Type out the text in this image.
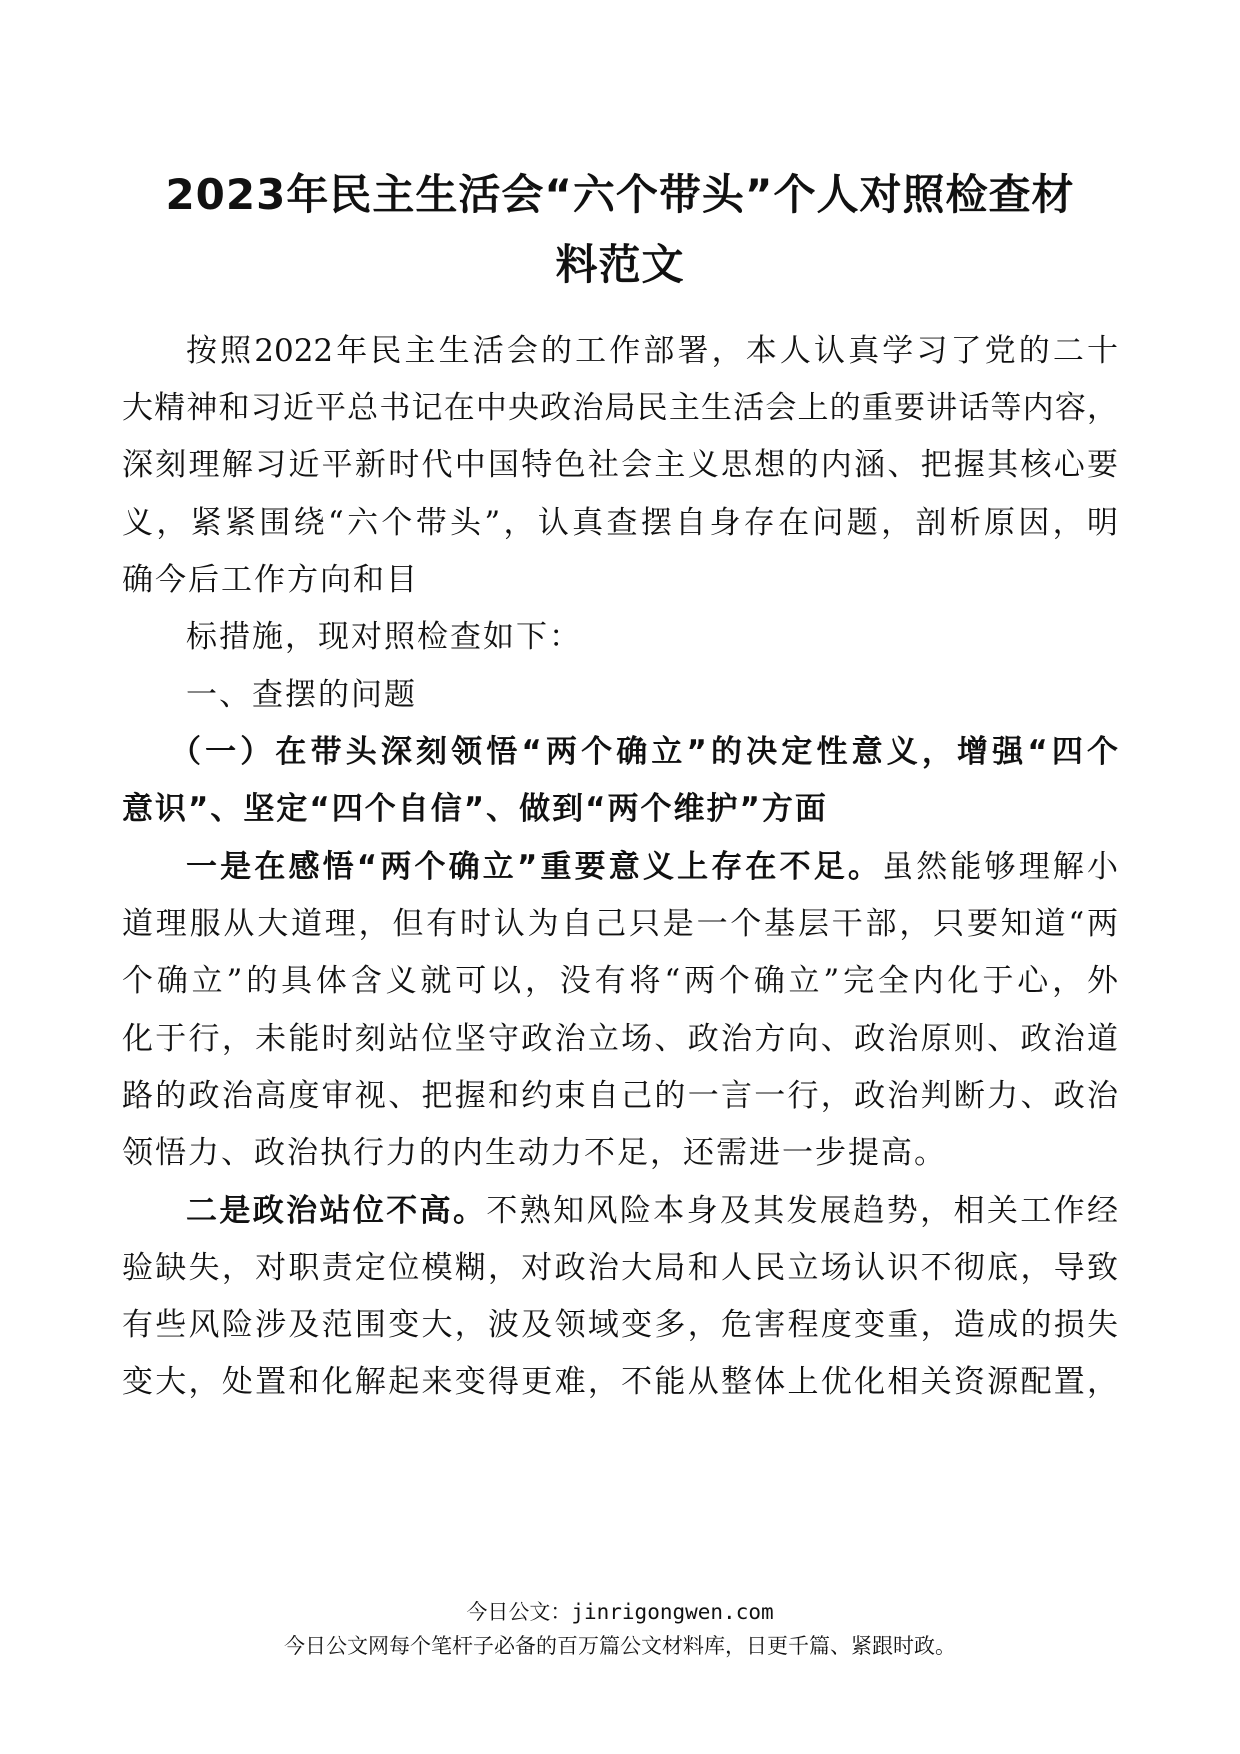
2023年民主生活会“六个带头”个人对照检查材
料范文
按照2022年民主生活会的工作部署，本人认真学习了党的二十
大精神和习近平总书记在中央政治局民主生活会上的重要讲话等内容，
深刻理解习近平新时代中国特色社会主义思想的内涵、把握其核心要
义，紧紧围绕“六个带头”，认真查摆自身存在问题，剖析原因，明
确今后工作方向和目
标措施，现对照检查如下：
一、查摆的问题
（一）在带头深刻领悟“两个确立”的决定性意义，增强“四个
意识”、坚定“四个自信”、做到“两个维护”方面
一是在感悟“两个确立”重要意义上存在不足。虽然能够理解小
道理服从大道理，但有时认为自己只是一个基层干部，只要知道“两
个确立”的具体含义就可以，没有将“两个确立”完全内化于心，外
化于行，未能时刻站位坚守政治立场、政治方向、政治原则、政治道
路的政治高度审视、把握和约束自己的一言一行，政治判断力、政治
领悟力、政治执行力的内生动力不足，还需进一步提高。
二是政治站位不高。不熟知风险本身及其发展趋势，相关工作经
验缺失，对职责定位模糊，对政治大局和人民立场认识不彻底，导致
有些风险涉及范围变大，波及领域变多，危害程度变重，造成的损失
变大，处置和化解起来变得更难，不能从整体上优化相关资源配置，
今日公文：jinrigongwen.com
今日公文网每个笔杆子必备的百万篇公文材料库，日更千篇、紧跟时政。
